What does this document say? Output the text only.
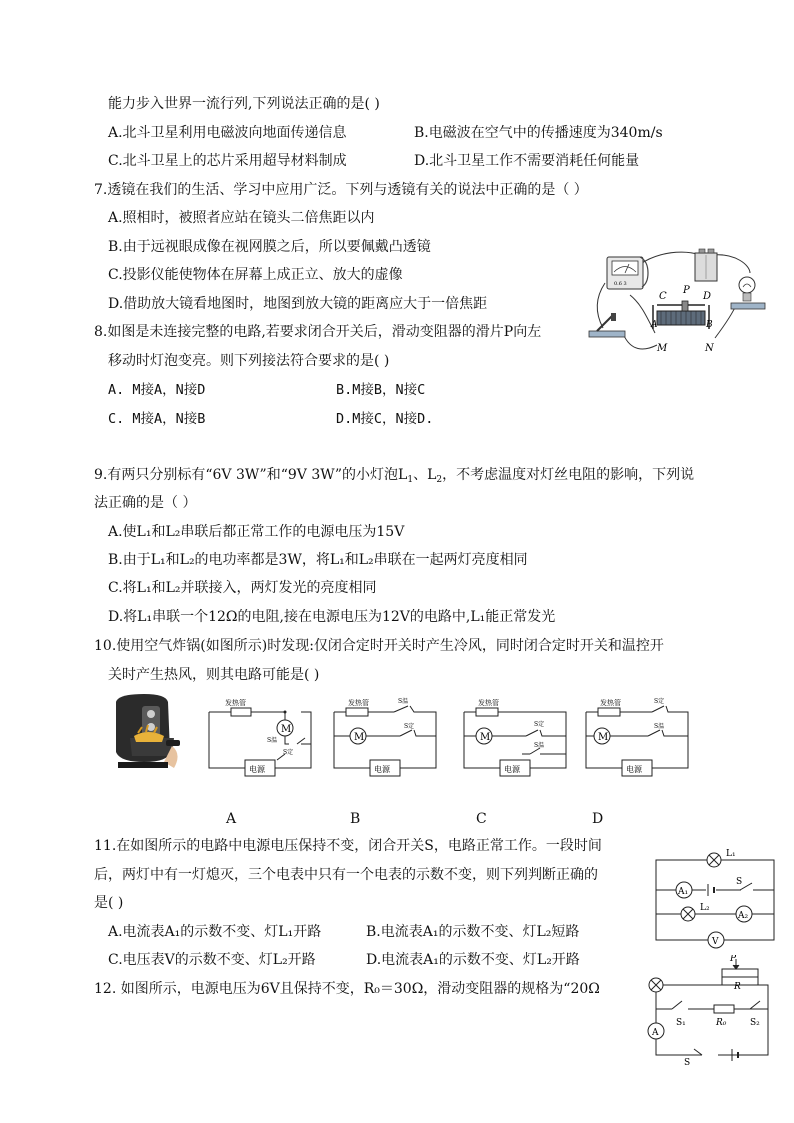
能力步入世界一流行列,下列说法正确的是( )
A.北斗卫星利用电磁波向地面传递信息	B.电磁波在空气中的传播速度为340m/s
C.北斗卫星上的芯片采用超导材料制成	D.北斗卫星工作不需要消耗任何能量
7.透镜在我们的生活、学习中应用广泛。下列与透镜有关的说法中正确的是（ ）
A.照相时，被照者应站在镜头二倍焦距以内
B.由于远视眼成像在视网膜之后，所以要佩戴凸透镜
C.投影仪能使物体在屏幕上成正立、放大的虚像
D.借助放大镜看地图时，地图到放大镜的距离应大于一倍焦距
8.如图是未连接完整的电路,若要求闭合开关后，滑动变阻器的滑片P向左
移动时灯泡变亮。则下列接法符合要求的是( )
A. M接A，N接D	B.M接B，N接C
C. M接A，N接B	D.M接C，N接D.
0.6 3
C
P
D
A	B
M	N
9.有两只分别标有“6V 3W”和“9V 3W”的小灯泡$L_1$、$L_2$，不考虑温度对灯丝电阻的影响，下列说
法正确的是（ ）
A.使L₁和L₂串联后都正常工作的电源电压为15V
B.由于L₁和L₂的电功率都是3W，将L₁和L₂串联在一起两灯亮度相同
C.将L₁和L₂并联接入，两灯发光的亮度相同
D.将L₁串联一个12Ω的电阻,接在电源电压为12V的电路中,L₁能正常发光
10.使用空气炸锅(如图所示)时发现:仅闭合定时开关时产生冷风，同时闭合定时开关和温控开
关时产生热风，则其电路可能是( )
M
电源
发热管
S温
S定
M
电源
发热管	S温
S定
M
电源
发热管
S定
S温
M
电源
发热管	S定
S温
A	B	C	D
11.在如图所示的电路中电源电压保持不变，闭合开关S，电路正常工作。一段时间
后，两灯中有一灯熄灭，三个电表中只有一个电表的示数不变，则下列判断正确的
是( )
A.电流表A₁的示数不变、灯L₁开路	B.电流表A₁的示数不变、灯L₂短路
C.电压表V的示数不变、灯L₂开路	D.电流表A₁的示数不变、灯L₂开路
L₁
A₁
S
L₂
A₂
V
12. 如图所示，电源电压为6V且保持不变，R₀＝30Ω，滑动变阻器的规格为“20Ω
P
R
R₀
S₁	S₂
A
S
